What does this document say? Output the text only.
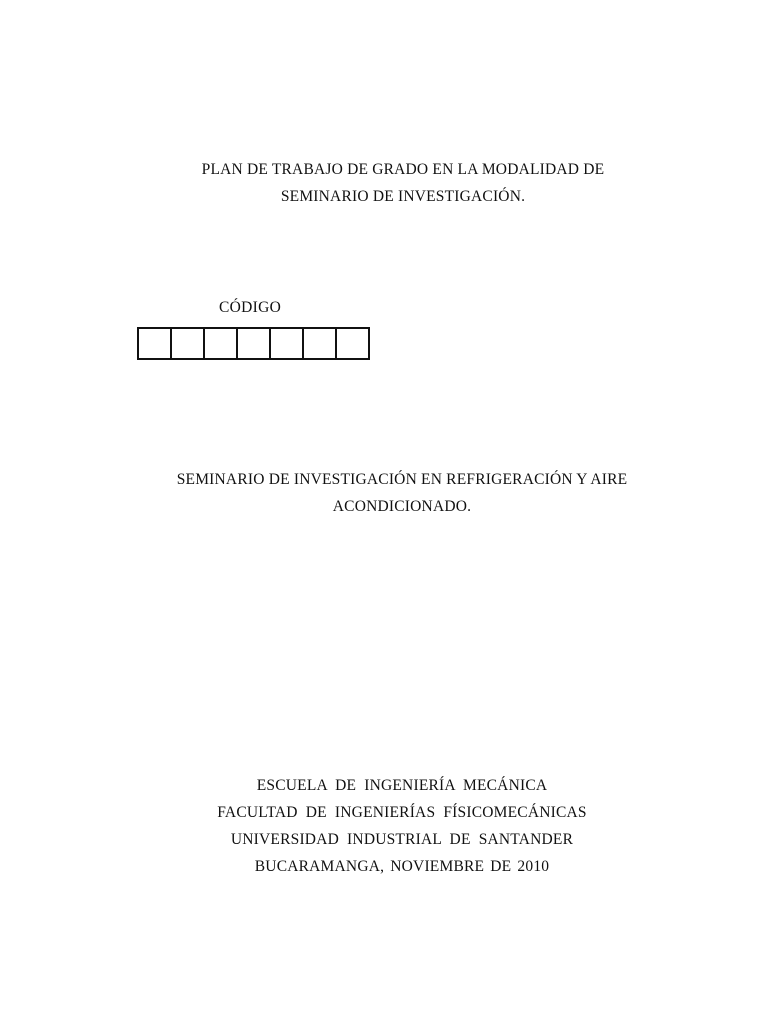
PLAN DE TRABAJO DE GRADO EN LA MODALIDAD DE
SEMINARIO DE INVESTIGACIÓN.
CÓDIGO
SEMINARIO DE INVESTIGACIÓN EN REFRIGERACIÓN Y AIRE
ACONDICIONADO.
ESCUELA DE INGENIERÍA MECÁNICA
FACULTAD DE INGENIERÍAS FÍSICOMECÁNICAS
UNIVERSIDAD INDUSTRIAL DE SANTANDER
BUCARAMANGA, NOVIEMBRE DE 2010
